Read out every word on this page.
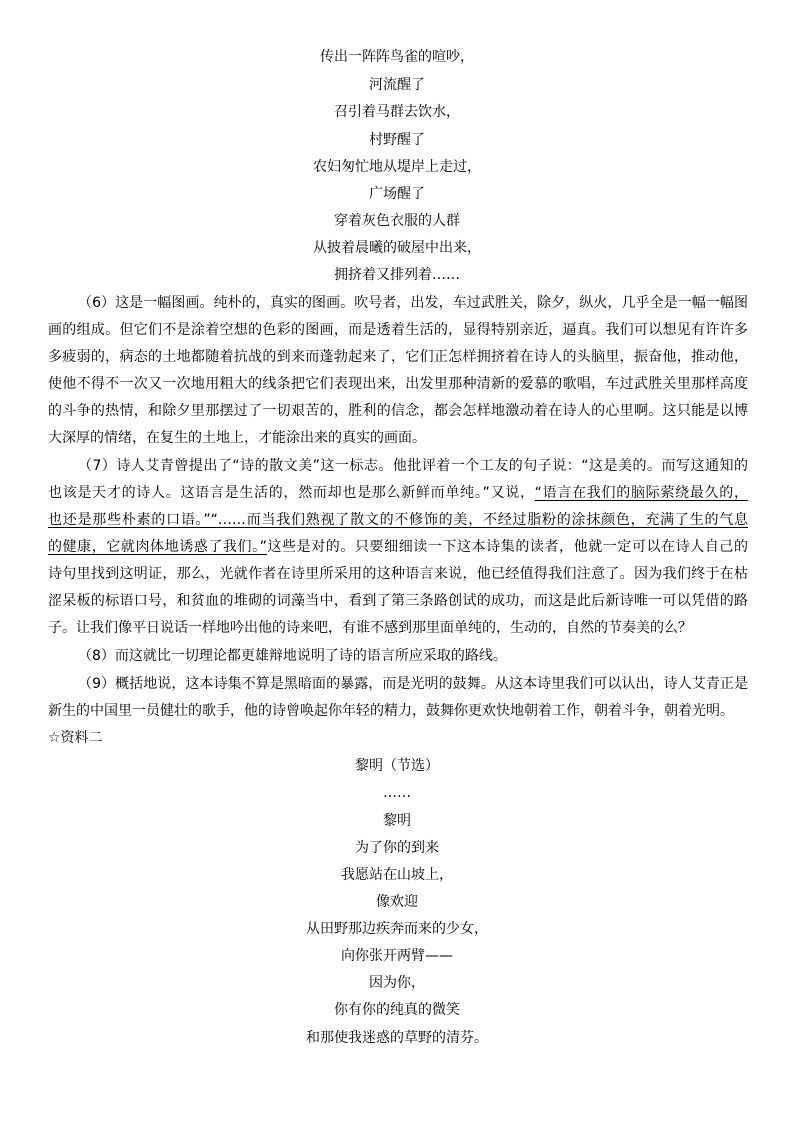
传出一阵阵鸟雀的喧吵，
河流醒了
召引着马群去饮水，
村野醒了
农妇匆忙地从堤岸上走过，
广场醒了
穿着灰色衣服的人群
从披着晨曦的破屋中出来，
拥挤着又排列着……
（6）这是一幅图画。纯朴的，真实的图画。吹号者，出发，车过武胜关，除夕，纵火，几乎全是一幅一幅图
画的组成。但它们不是涂着空想的色彩的图画，而是透着生活的，显得特别亲近，逼真。我们可以想见有许许多
多疲弱的，病态的土地都随着抗战的到来而蓬勃起来了，它们正怎样拥挤着在诗人的头脑里，振奋他，推动他，
使他不得不一次又一次地用粗大的线条把它们表现出来，出发里那种清新的爱慕的歌唱，车过武胜关里那样高度
的斗争的热情，和除夕里那摆过了一切艰苦的，胜利的信念，都会怎样地激动着在诗人的心里啊。这只能是以博
大深厚的情绪，在复生的土地上，才能涂出来的真实的画面。
（7）诗人艾青曾提出了“诗的散文美”这一标志。他批评着一个工友的句子说：“这是美的。而写这通知的
也该是天才的诗人。这语言是生活的，然而却也是那么新鲜而单纯。”又说，“语言在我们的脑际萦绕最久的，
也还是那些朴素的口语。”“……而当我们熟视了散文的不修饰的美，不经过脂粉的涂抹颜色，充满了生的气息
的健康，它就肉体地诱惑了我们。”这些是对的。只要细细读一下这本诗集的读者，他就一定可以在诗人自己的
诗句里找到这明证，那么，光就作者在诗里所采用的这种语言来说，他已经值得我们注意了。因为我们终于在枯
涩呆板的标语口号，和贫血的堆砌的词藻当中，看到了第三条路创试的成功，而这是此后新诗唯一可以凭借的路
子。让我们像平日说话一样地吟出他的诗来吧，有谁不感到那里面单纯的，生动的，自然的节奏美的么？
（8）而这就比一切理论都更雄辩地说明了诗的语言所应采取的路线。
（9）概括地说，这本诗集不算是黑暗面的暴露，而是光明的鼓舞。从这本诗里我们可以认出，诗人艾青正是
新生的中国里一员健壮的歌手，他的诗曾唤起你年轻的精力，鼓舞你更欢快地朝着工作，朝着斗争，朝着光明。
☆资料二
黎明（节选）
……
黎明
为了你的到来
我愿站在山坡上，
像欢迎
从田野那边疾奔而来的少女，
向你张开两臂——
因为你，
你有你的纯真的微笑
和那使我迷惑的草野的清芬。
